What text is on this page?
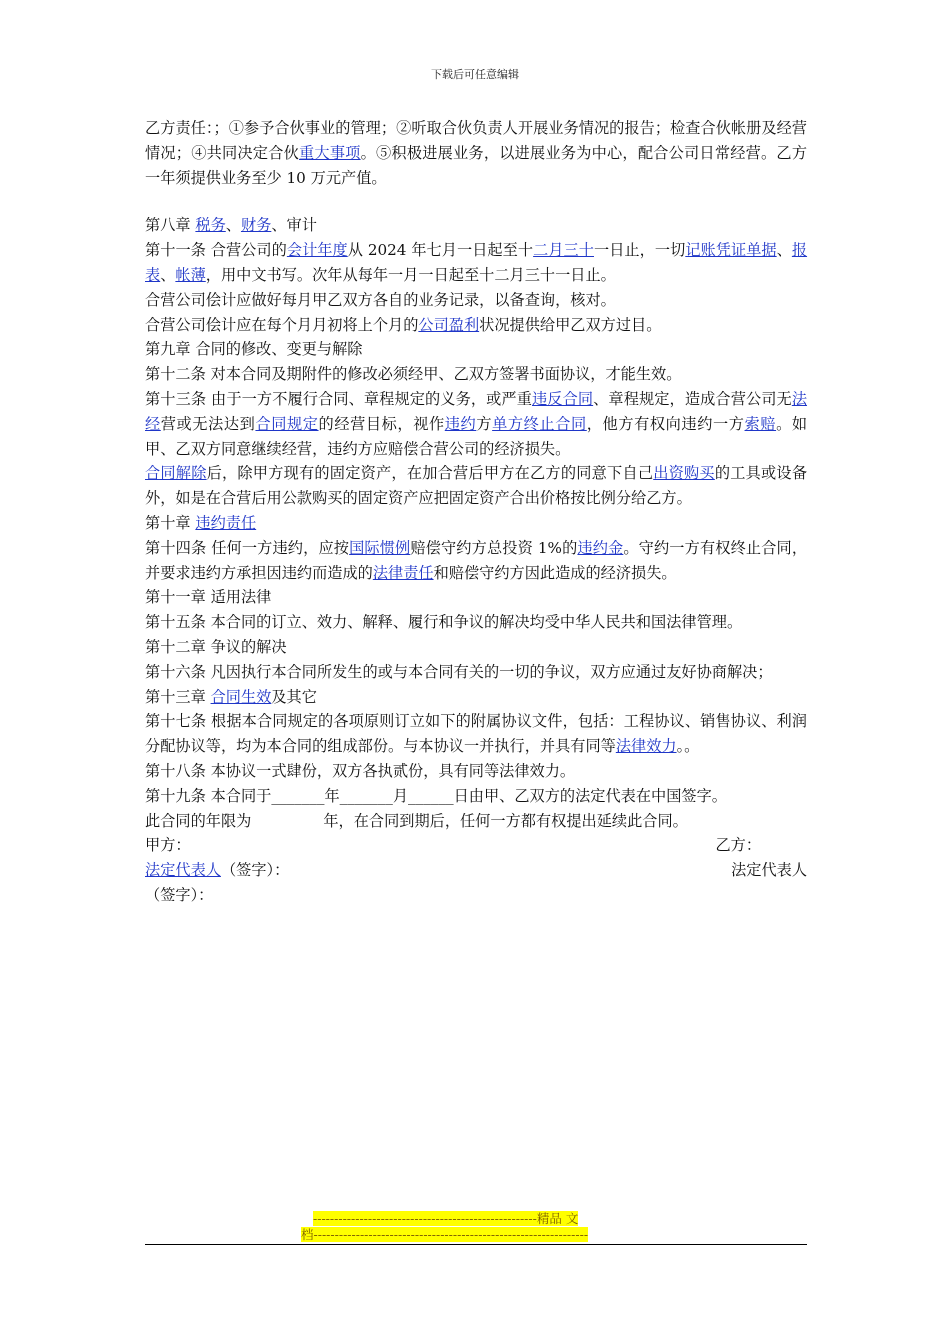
下载后可任意编辑

乙方责任：；①参予合伙事业的管理；②听取合伙负责人开展业务情况的报告；检查合伙帐册及经营情况；④共同决定合伙重大事项。⑤积极进展业务，以进展业务为中心，配合公司日常经营。乙方一年须提供业务至少 10 万元产值。

第八章 税务、财务、审计

第十一条 合营公司的会计年度从 2024 年七月一日起至十二月三十一日止，一切记账凭证单据、报表、帐薄，用中文书写。次年从每年一月一日起至十二月三十一日止。

合营公司侩计应做好每月甲乙双方各自的业务记录，以备查询，核对。

合营公司侩计应在每个月月初将上个月的公司盈利状况提供给甲乙双方过目。

第九章 合同的修改、变更与解除

第十二条 对本合同及期附件的修改必须经甲、乙双方签署书面协议，才能生效。

第十三条 由于一方不履行合同、章程规定的义务，或严重违反合同、章程规定，造成合营公司无法经营或无法达到合同规定的经营目标，视作违约方单方终止合同，他方有权向违约一方索赔。如甲、乙双方同意继续经营，违约方应赔偿合营公司的经济损失。

合同解除后，除甲方现有的固定资产，在加合营后甲方在乙方的同意下自己出资购买的工具或设备外，如是在合营后用公款购买的固定资产应把固定资产合出价格按比例分给乙方。

第十章 违约责任

第十四条 任何一方违约，应按国际惯例赔偿守约方总投资 1%的违约金。守约一方有权终止合同，并要求违约方承担因违约而造成的法律责任和赔偿守约方因此造成的经济损失。

第十一章 适用法律

第十五条 本合同的订立、效力、解释、履行和争议的解决均受中华人民共和国法律管理。

第十二章 争议的解决

第十六条 凡因执行本合同所发生的或与本合同有关的一切的争议，双方应通过友好协商解决；

第十三章 合同生效及其它

第十七条 根据本合同规定的各项原则订立如下的附属协议文件，包括：工程协议、销售协议、利润分配协议等，均为本合同的组成部份。与本协议一并执行，并具有同等法律效力。。

第十八条 本协议一式肆份，双方各执贰份，具有同等法律效力。

第十九条 本合同于_______年_______月______日由甲、乙双方的法定代表在中国签字。

此合同的年限为	年，在合同到期后，任何一方都有权提出延续此合同。

甲方：	乙方：
法定代表人（签字）：	法定代表人

（签字）：

-----------------------------------------------------精品 文
档-----------------------------------------------------------------
